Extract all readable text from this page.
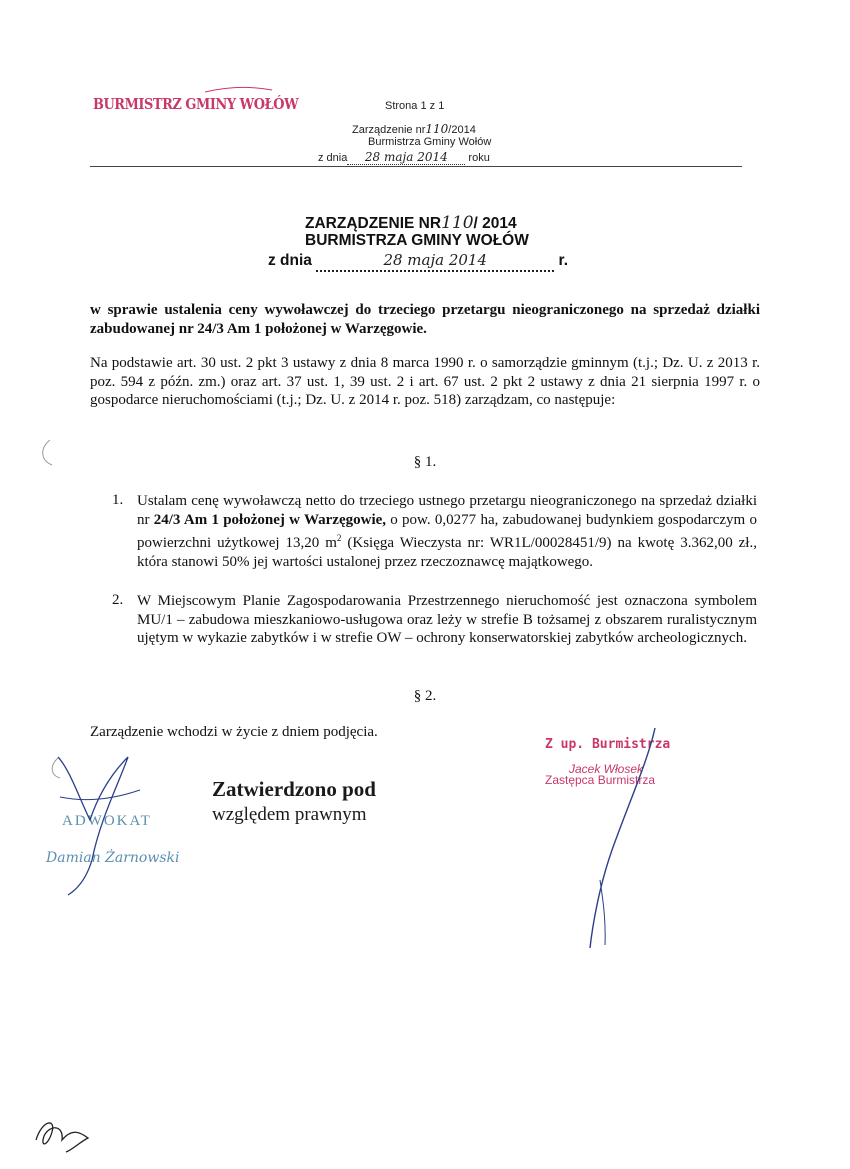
BURMISTRZ GMINY WOŁÓW	Strona 1 z 1
Zarządzenie nr110/2014
Burmistrza Gminy Wołów
z dnia 28 maja 2014 roku
ZARZĄDZENIE NR110/ 2014
BURMISTRZA GMINY WOŁÓW
z dnia	28 maja 2014	r.
w sprawie ustalenia ceny wywoławczej do trzeciego przetargu nieograniczonego na sprzedaż działki zabudowanej nr 24/3 Am 1 położonej w Warzęgowie.
Na podstawie art. 30 ust. 2 pkt 3 ustawy z dnia 8 marca 1990 r. o samorządzie gminnym (t.j.; Dz. U. z 2013 r. poz. 594 z późn. zm.) oraz art. 37 ust. 1, 39 ust. 2 i art. 67 ust. 2 pkt 2 ustawy z dnia 21 sierpnia 1997 r. o gospodarce nieruchomościami (t.j.; Dz. U. z 2014 r. poz. 518) zarządzam, co następuje:
§ 1.
1. Ustalam cenę wywoławczą netto do trzeciego ustnego przetargu nieograniczonego na sprzedaż działki nr 24/3 Am 1 położonej w Warzęgowie, o pow. 0,0277 ha, zabudowanej budynkiem gospodarczym o powierzchni użytkowej 13,20 $m^2$ (Księga Wieczysta nr: WR1L/00028451/9) na kwotę 3.362,00 zł., która stanowi 50% jej wartości ustalonej przez rzeczoznawcę majątkowego.
2. W Miejscowym Planie Zagospodarowania Przestrzennego nieruchomość jest oznaczona symbolem MU/1 – zabudowa mieszkaniowo-usługowa oraz leży w strefie B tożsamej z obszarem ruralistycznym ujętym w wykazie zabytków i w strefie OW – ochrony konserwatorskiej zabytków archeologicznych.
§ 2.
Zarządzenie wchodzi w życie z dniem podjęcia.
Z up. Burmistrza
Jacek Włosek
Zastępca Burmistrza
Zatwierdzono pod
względem prawnym
ADWOKAT
Damian Żarnowski
